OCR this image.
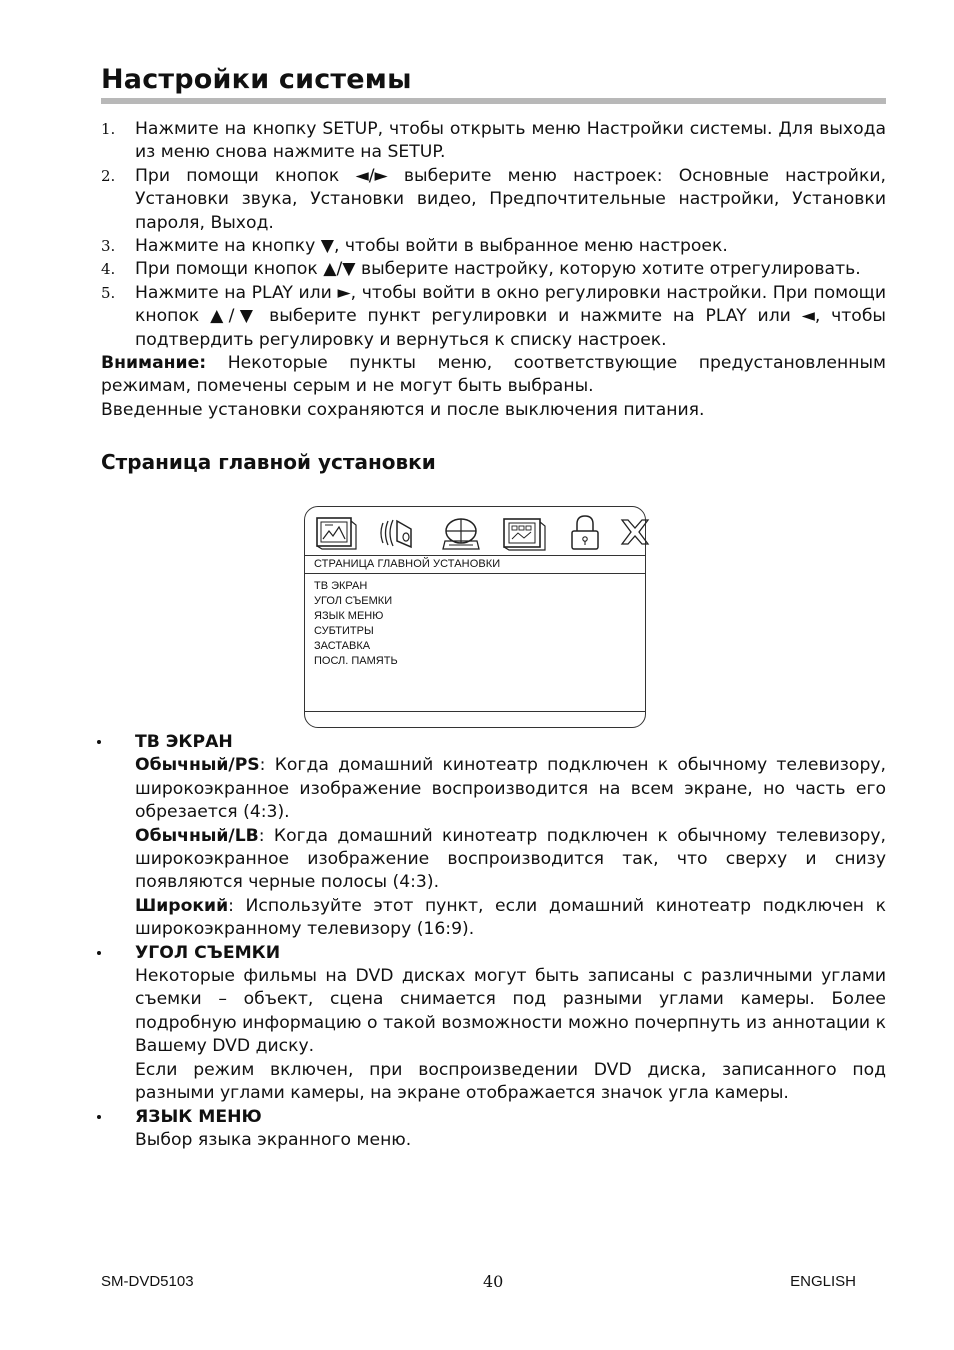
Настройки системы
1. Нажмите на кнопку SETUP, чтобы открыть меню Настройки системы. Для выхода из меню снова нажмите на SETUP.
2. При помощи кнопок ◄/► выберите меню настроек: Основные настройки, Установки звука, Установки видео, Предпочтительные настройки, Установки пароля, Выход.
3. Нажмите на кнопку ▼, чтобы войти в выбранное меню настроек.
4. При помощи кнопок ▲/▼ выберите настройку, которую хотите отрегулировать.
5. Нажмите на PLAY или ►, чтобы войти в окно регулировки настройки. При помощи кнопок ▲/▼ выберите пункт регулировки и нажмите на PLAY или ◄, чтобы подтвердить регулировку и вернуться к списку настроек.

Внимание: Некоторые пункты меню, соответствующие предустановленным режимам, помечены серым и не могут быть выбраны.

Введенные установки сохраняются и после выключения питания.

Страница главной установки
СТРАНИЦА ГЛАВНОЙ УСТАНОВКИ
ТВ ЭКРАН
УГОЛ СЪЕМКИ
ЯЗЫК МЕНЮ
СУБТИТРЫ
ЗАСТАВКА
ПОСЛ. ПАМЯТЬ
ТВ ЭКРАН

Обычный/PS: Когда домашний кинотеатр подключен к обычному телевизору, широкоэкранное изображение воспроизводится на всем экране, но часть его обрезается (4:3).

Обычный/LB: Когда домашний кинотеатр подключен к обычному телевизору, широкоэкранное изображение воспроизводится так, что сверху и снизу появляются черные полосы (4:3).

Широкий: Используйте этот пункт, если домашний кинотеатр подключен к широкоэкранному телевизору (16:9).

УГОЛ СЪЕМКИ

Некоторые фильмы на DVD дисках могут быть записаны с различными углами съемки – объект, сцена снимается под разными углами камеры. Более подробную информацию о такой возможности можно почерпнуть из аннотации к Вашему DVD диску.

Если режим включен, при воспроизведении DVD диска, записанного под разными углами камеры, на экране отображается значок угла камеры.

ЯЗЫК МЕНЮ

Выбор языка экранного меню.

SM-DVD5103	40	ENGLISH
